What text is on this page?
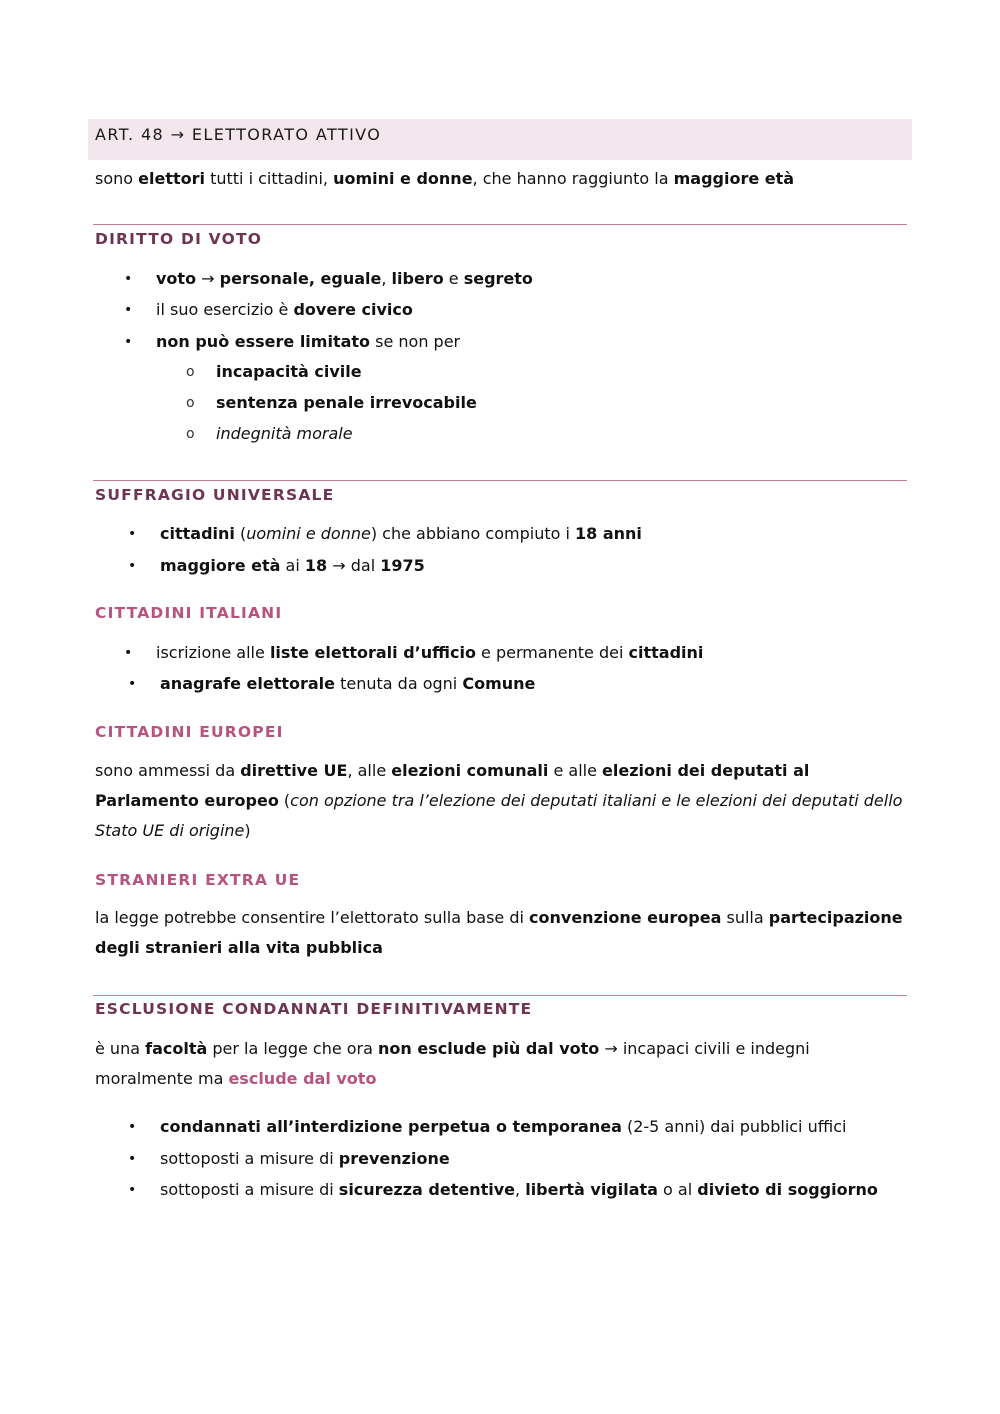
ART. 48 → ELETTORATO ATTIVO
sono elettori tutti i cittadini, uomini e donne, che hanno raggiunto la maggiore età
DIRITTO DI VOTO
• voto → personale, eguale, libero e segreto
• il suo esercizio è dovere civico
• non può essere limitato se non per
o incapacità civile
o sentenza penale irrevocabile
o indegnità morale
SUFFRAGIO UNIVERSALE
• cittadini (uomini e donne) che abbiano compiuto i 18 anni
• maggiore età ai 18 → dal 1975
CITTADINI ITALIANI
• iscrizione alle liste elettorali d’ufficio e permanente dei cittadini
• anagrafe elettorale tenuta da ogni Comune
CITTADINI EUROPEI
sono ammessi da direttive UE, alle elezioni comunali e alle elezioni dei deputati al Parlamento europeo (con opzione tra l’elezione dei deputati italiani e le elezioni dei deputati dello Stato UE di origine)
STRANIERI EXTRA UE
la legge potrebbe consentire l’elettorato sulla base di convenzione europea sulla partecipazione degli stranieri alla vita pubblica
ESCLUSIONE CONDANNATI DEFINITIVAMENTE
è una facoltà per la legge che ora non esclude più dal voto → incapaci civili e indegni moralmente ma esclude dal voto
• condannati all’interdizione perpetua o temporanea (2-5 anni) dai pubblici uffici
• sottoposti a misure di prevenzione
• sottoposti a misure di sicurezza detentive, libertà vigilata o al divieto di soggiorno
